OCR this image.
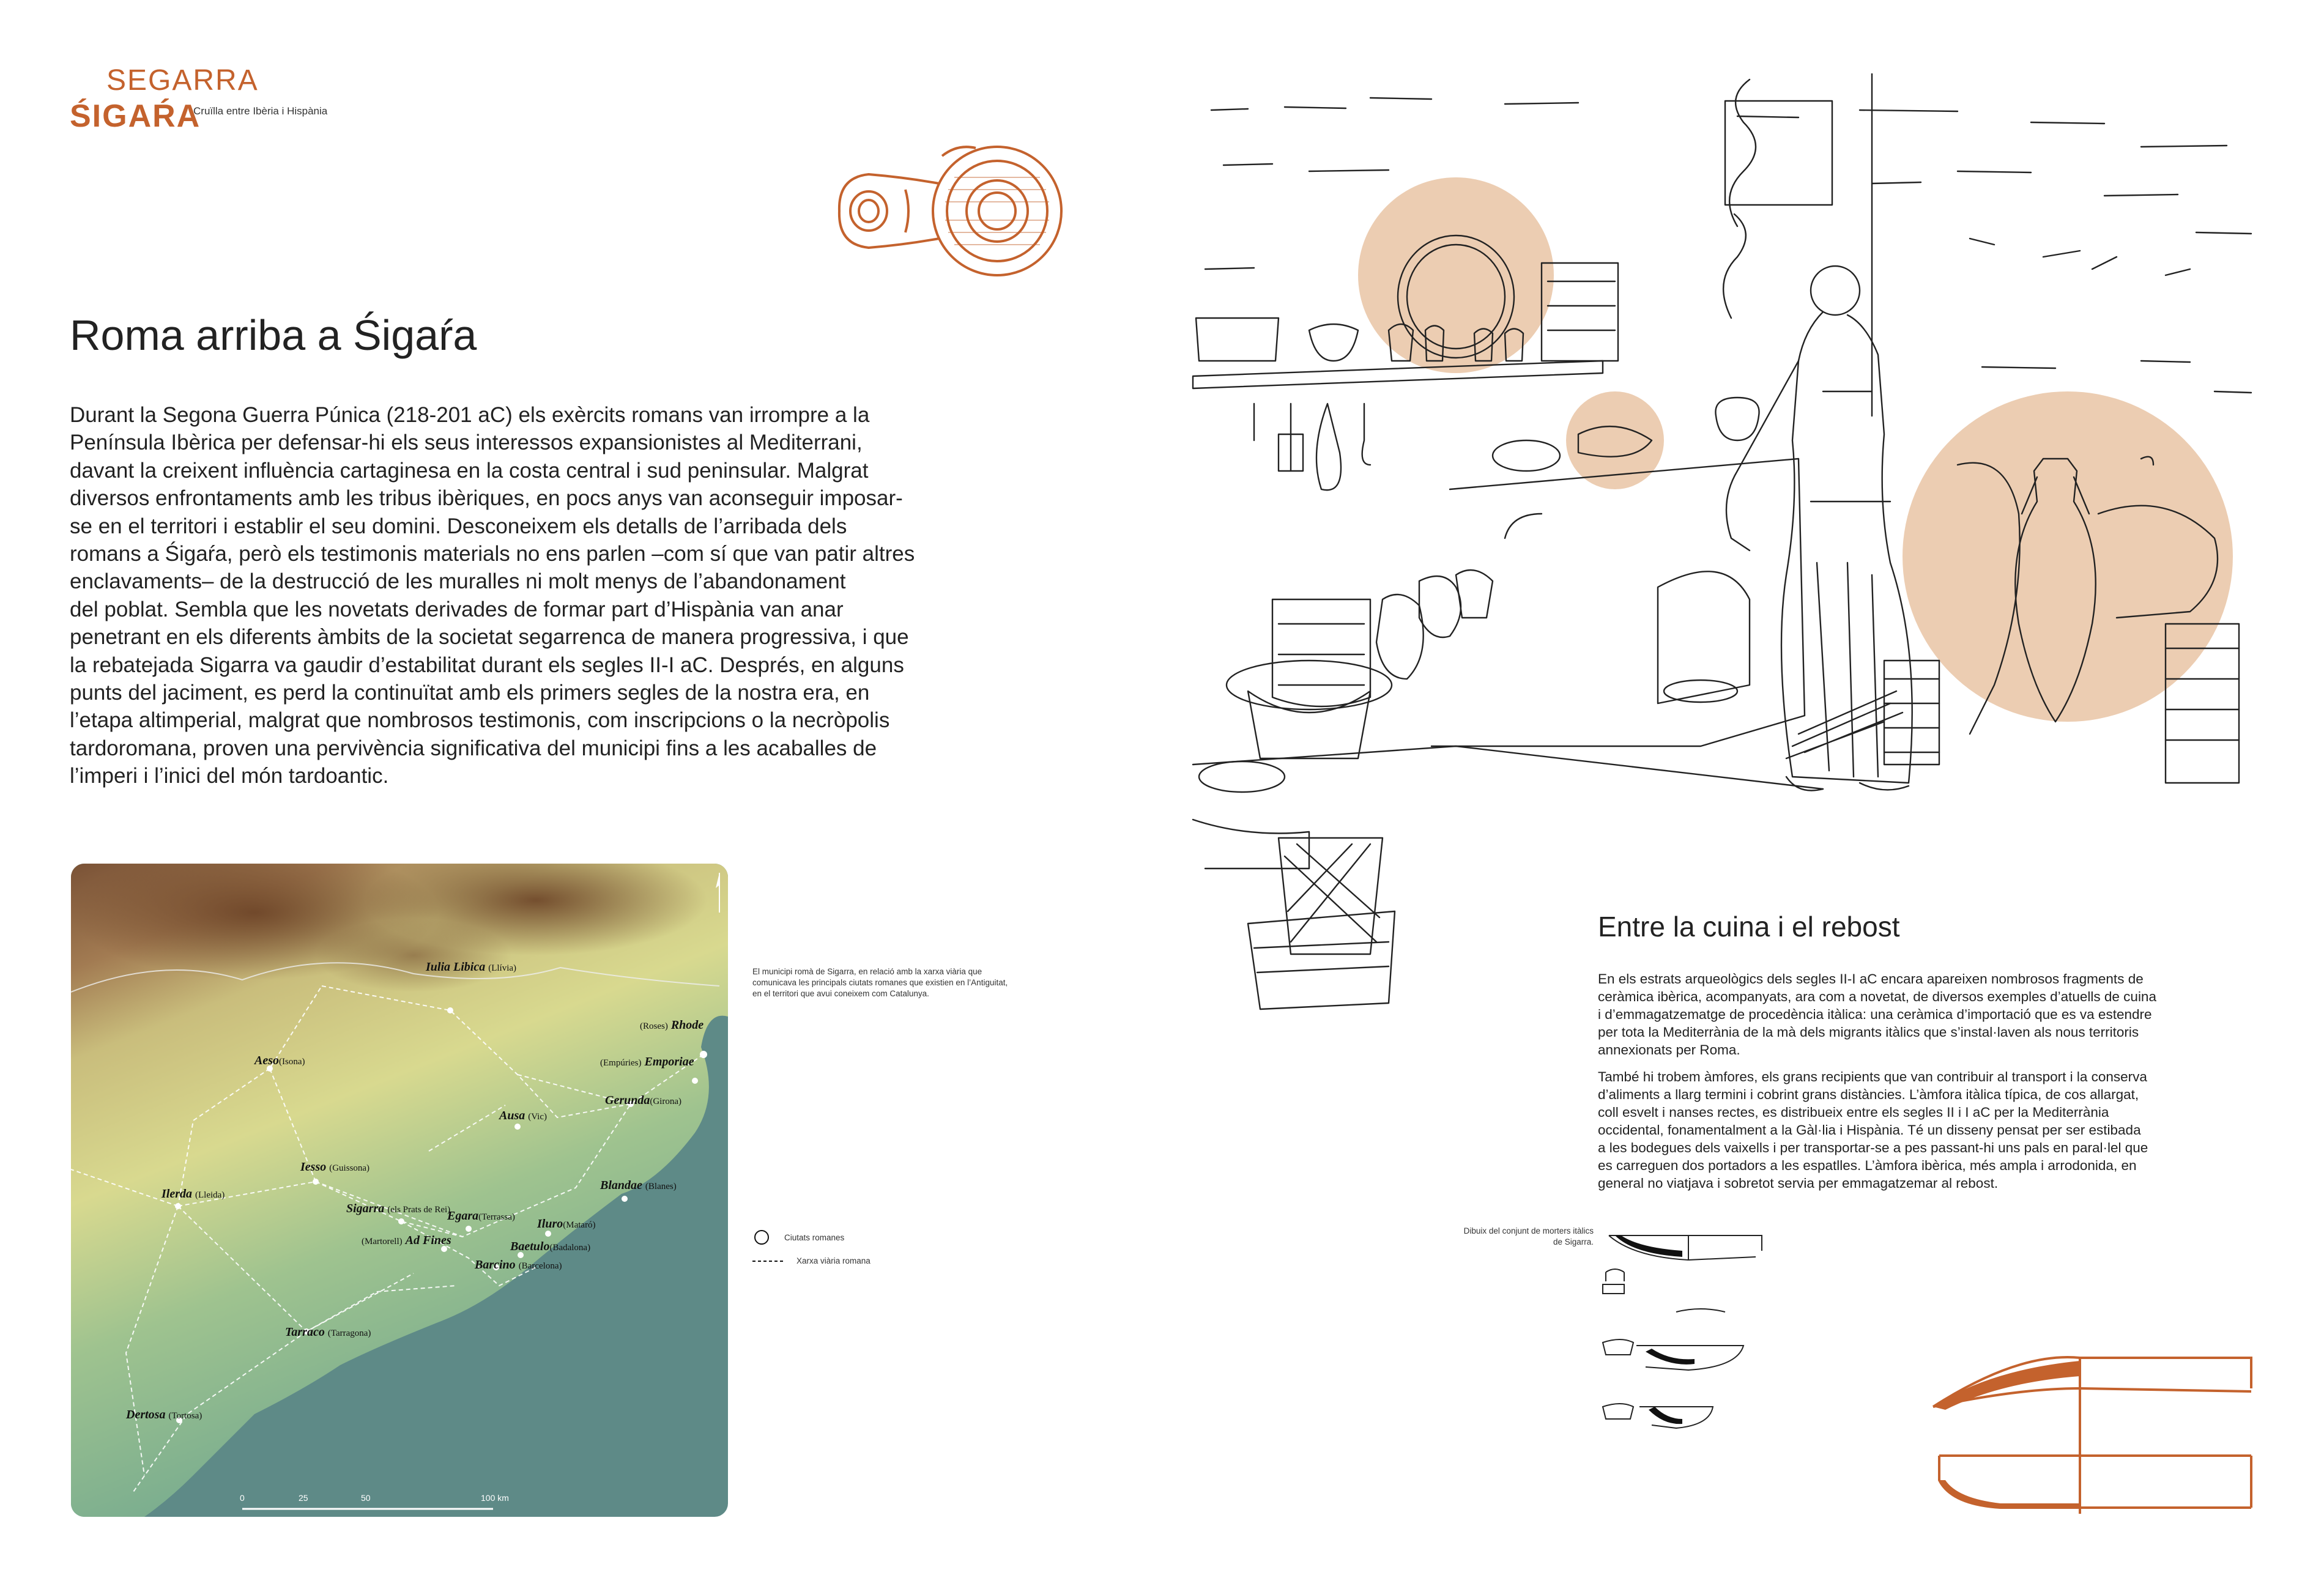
SEGARRA
ŚIGAŔA
Cruïlla entre Ibèria i Hispània
Roma arriba a Śigaŕa
Durant la Segona Guerra Púnica (218-201 aC) els exèrcits romans van irrompre a la
Península Ibèrica per defensar-hi els seus interessos expansionistes al Mediterrani,
davant la creixent influència cartaginesa en la costa central i sud peninsular. Malgrat
diversos enfrontaments amb les tribus ibèriques, en pocs anys van aconseguir imposar-
se en el territori i establir el seu domini. Desconeixem els detalls de l’arribada dels
romans a Śigaŕa, però els testimonis materials no ens parlen –com sí que van patir altres
enclavaments– de la destrucció de les muralles ni molt menys de l’abandonament
del poblat. Sembla que les novetats derivades de formar part d’Hispània van anar
penetrant en els diferents àmbits de la societat segarrenca de manera progressiva, i que
la rebatejada Sigarra va gaudir d’estabilitat durant els segles II-I aC. Després, en alguns
punts del jaciment, es perd la continuïtat amb els primers segles de la nostra era, en
l’etapa altimperial, malgrat que nombrosos testimonis, com inscripcions o la necròpolis
tardoromana, proven una pervivència significativa del municipi fins a les acaballes de
l’imperi i l’inici del món tardoantic.
0	25	50	100 km
Iulia Libica (Llívia)
(Roses) Rhode
(Empúries) Emporiae
Aeso(Isona)
Ausa (Vic)
Gerunda(Girona)
Iesso (Guissona)
Sigarra (els Prats de Rei)
Ilerda (Lleida)
Blandae (Blanes)
Egara(Terrassa) Iluro(Mataró)
(Martorell) Ad Fines	Baetulo(Badalona)
Barcino (Barcelona)
Tarraco (Tarragona)
Dertosa (Tortosa)
El municipi romà de Sigarra, en relació amb la xarxa viària que comunicava les principals ciutats romanes que existien en l’Antiguitat, en el territori que avui coneixem com Catalunya.
Ciutats romanes
Xarxa viària romana
Entre la cuina i el rebost
En els estrats arqueològics dels segles II-I aC encara apareixen nombrosos fragments de
ceràmica ibèrica, acompanyats, ara com a novetat, de diversos exemples d’atuells de cuina
i d’emmagatzematge de procedència itàlica: una ceràmica d’importació que es va estendre
per tota la Mediterrània de la mà dels migrants itàlics que s’instal·laven als nous territoris
annexionats per Roma.
També hi trobem àmfores, els grans recipients que van contribuir al transport i la conserva
d’aliments a llarg termini i cobrint grans distàncies. L’àmfora itàlica típica, de cos allargat,
coll esvelt i nanses rectes, es distribueix entre els segles II i I aC per la Mediterrània
occidental, fonamentalment a la Gàl·lia i Hispània. Té un disseny pensat per ser estibada
a les bodegues dels vaixells i per transportar-se a pes passant-hi uns pals en paral·lel que
es carreguen dos portadors a les espatlles. L’àmfora ibèrica, més ampla i arrodonida, en
general no viatjava i sobretot servia per emmagatzemar al rebost.
Dibuix del conjunt de morters itàlics de Sigarra.
